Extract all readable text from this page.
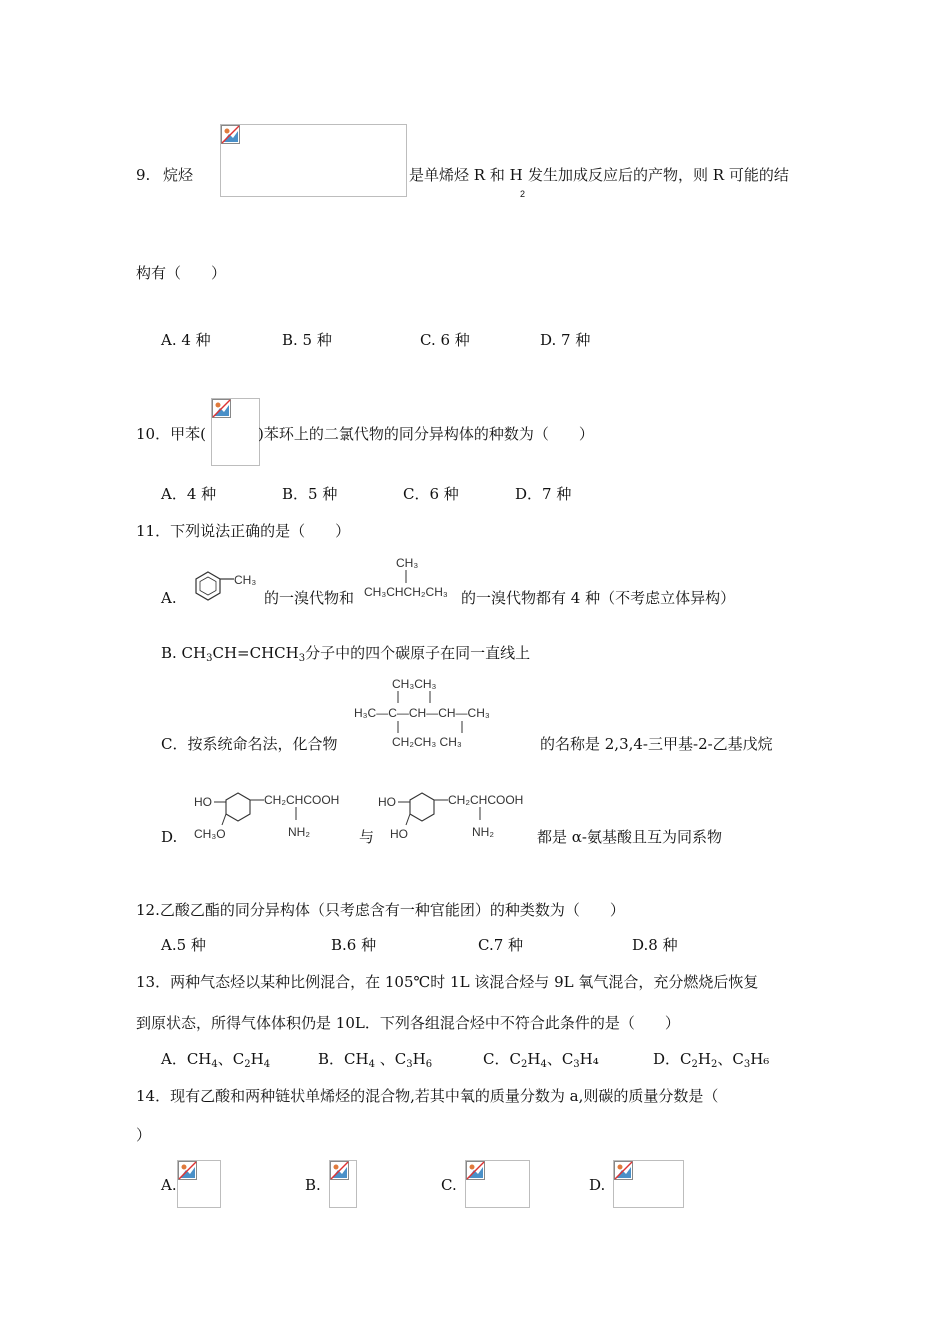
9. 烷烃	是单烯烃 R 和 H
2
发生加成反应后的产物，则 R 可能的结
构有（　　）
A. 4 种	B. 5 种	C. 6 种	D. 7 种
10．甲苯(	)苯环上的二氯代物的同分异构体的种数为（　　）
A．4 种	B．5 种	C．6 种	D．7 种
11．下列说法正确的是（　　）
A.
CH₃
的一溴代物和
CH₃
CH₃CHCH₂CH₃ 的一溴代物都有 4 种（不考虑立体异构）
B. $CH_3CH=CHCH_3$分子中的四个碳原子在同一直线上
C．按系统命名法，化合物
CH₃CH₃
H₃C—C—CH—CH—CH₃
CH₂CH₃ CH₃	的名称是 2,3,4-三甲基-2-乙基戊烷
D.
HO	CH₂CHCOOH
CH₃O	NH₂	与
HO	CH₂CHCOOH
HO	NH₂	都是 α-氨基酸且互为同系物
12.乙酸乙酯的同分异构体（只考虑含有一种官能团）的种类数为（　　）
A.5 种	B.6 种	C.7 种	D.8 种
13．两种气态烃以某种比例混合，在 105℃时 1L 该混合烃与 9L 氧气混合，充分燃烧后恢复
到原状态，所得气体体积仍是 10L．下列各组混合烃中不符合此条件的是（　　）
A．$CH_4$、$C_2H_4$	B．$CH_4$ 、$C_3H_6$	C．$C_2H_4$、$C_3H_4$	D．$C_2H_2$、$C_3H_6$
14．现有乙酸和两种链状单烯烃的混合物,若其中氧的质量分数为 a,则碳的质量分数是（
）
A.	B.	C.	D.
